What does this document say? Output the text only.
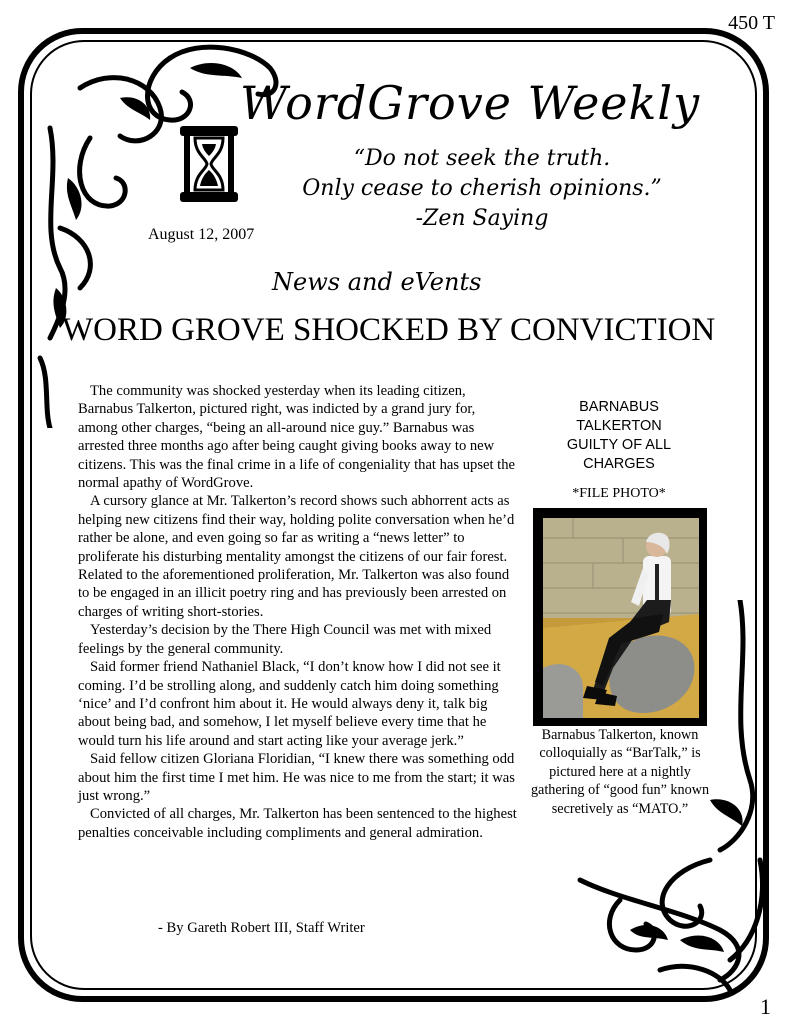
450 T
WordGrove Weekly
“Do not seek the truth.
Only cease to cherish opinions.”
-Zen Saying
August 12, 2007
News and eVents
WORD GROVE SHOCKED BY CONVICTION

The community was shocked yesterday when its leading citizen, Barnabus Talkerton, pictured right, was indicted by a grand jury for, among other charges, “being an all-around nice guy.” Barnabus was arrested three months ago after being caught giving books away to new citizens. This was the final crime in a life of congeniality that has upset the normal apathy of WordGrove.

A cursory glance at Mr. Talkerton’s record shows such abhorrent acts as helping new citizens find their way, holding polite conversation when he’d rather be alone, and even going so far as writing a “news letter” to proliferate his disturbing mentality amongst the citizens of our fair forest. Related to the aforementioned proliferation, Mr. Talkerton was also found to be engaged in an illicit poetry ring and has previously been arrested on charges of writing short-stories.

Yesterday’s decision by the There High Council was met with mixed feelings by the general community.

Said former friend Nathaniel Black, “I don’t know how I did not see it coming. I’d be strolling along, and suddenly catch him doing something ‘nice’ and I’d confront him about it. He would always deny it, talk big about being bad, and somehow, I let myself believe every time that he would turn his life around and start acting like your average jerk.”

Said fellow citizen Gloriana Floridian, “I knew there was something odd about him the first time I met him. He was nice to me from the start; it was just wrong.”

Convicted of all charges, Mr. Talkerton has been sentenced to the highest penalties conceivable including compliments and general admiration.

- By Gareth Robert III, Staff Writer
BARNABUS
TALKERTON
GUILTY OF ALL
CHARGES
*FILE PHOTO*
Barnabus Talkerton, known colloquially as “BarTalk,” is pictured here at a nightly gathering of “good fun” known secretively as “MATO.”
1
